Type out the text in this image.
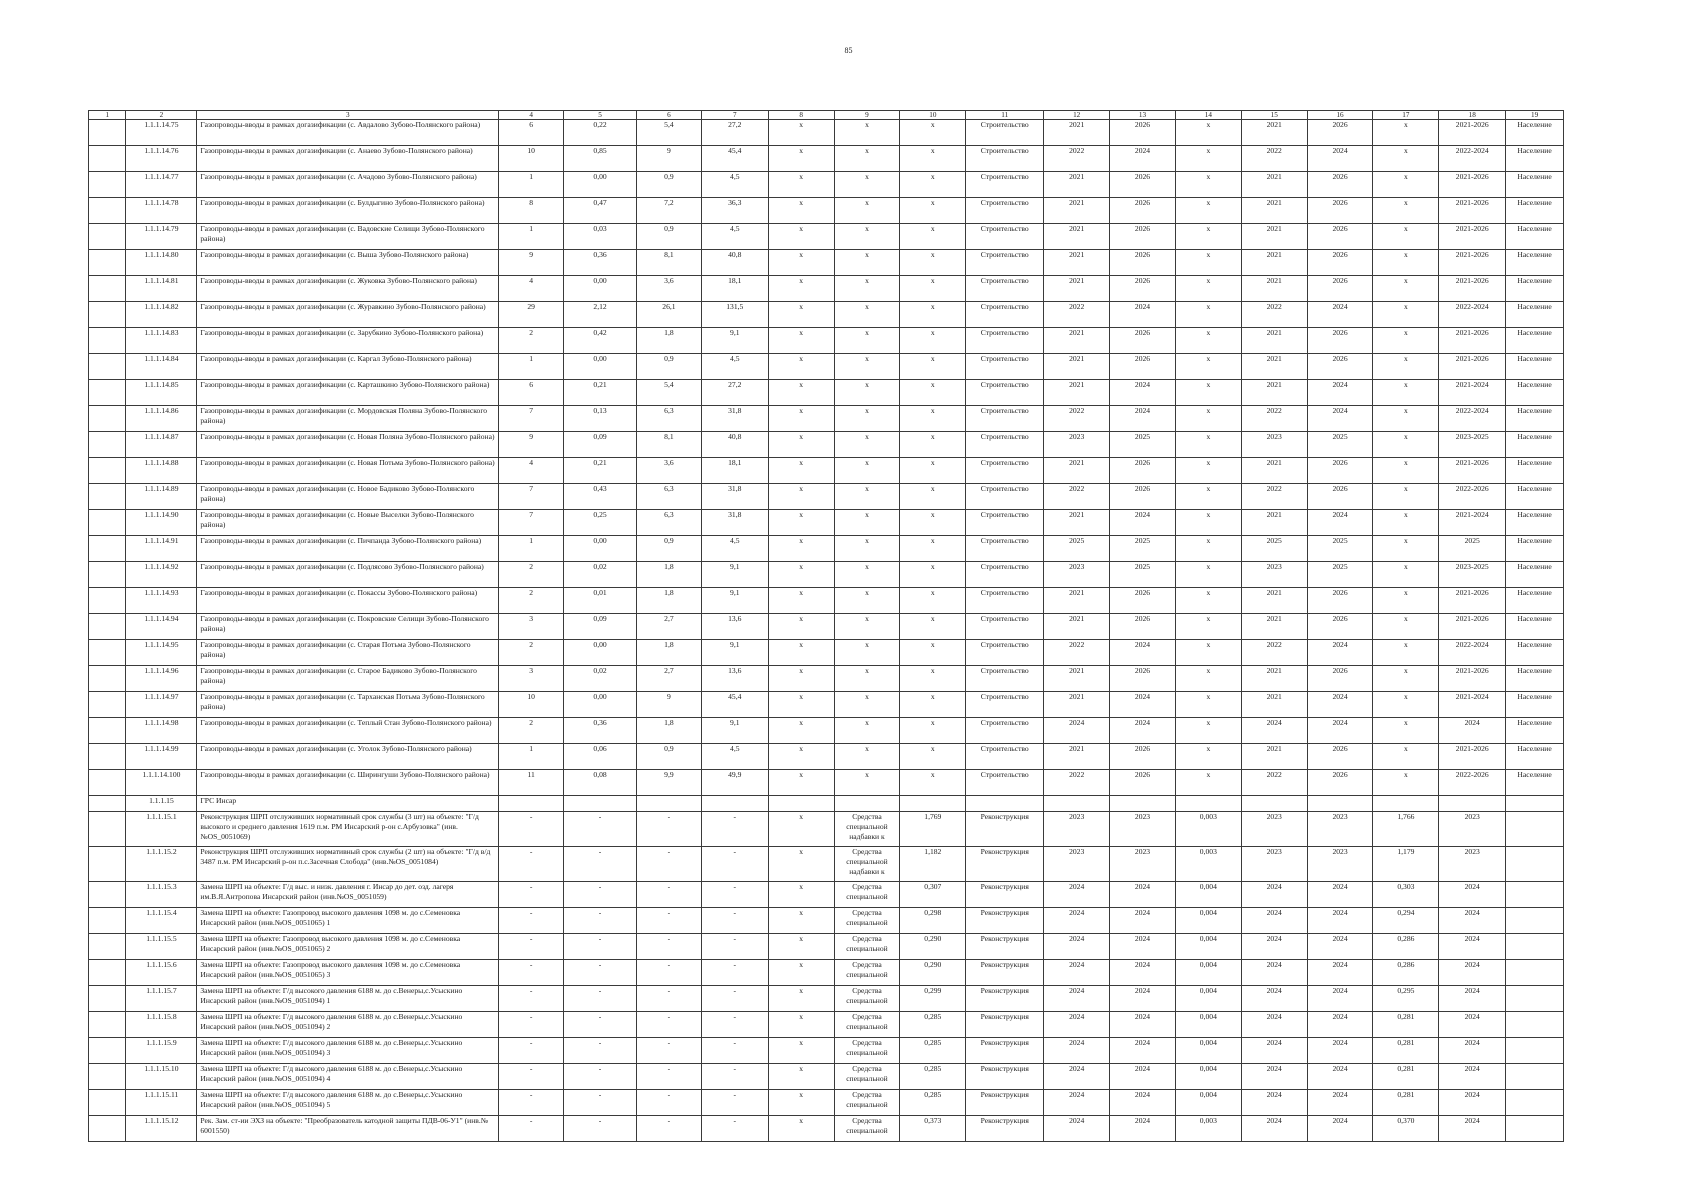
85
1	2	3	4	5	6	7	8	9	10	11	12	13	14	15	16	17	18	19
	1.1.1.14.75	Газопроводы-вводы в рамках догазификации (с. Авдалово Зубово-Полянского района)	6	0,22	5,4	27,2	х	х	х	Строительство	2021	2026	х	2021	2026	х	2021-2026	Население
	1.1.1.14.76	Газопроводы-вводы в рамках догазификации (с. Анаево Зубово-Полянского района)	10	0,85	9	45,4	х	х	х	Строительство	2022	2024	х	2022	2024	х	2022-2024	Население
	1.1.1.14.77	Газопроводы-вводы в рамках догазификации (с. Ачадово Зубово-Полянского района)	1	0,00	0,9	4,5	х	х	х	Строительство	2021	2026	х	2021	2026	х	2021-2026	Население
	1.1.1.14.78	Газопроводы-вводы в рамках догазификации (с. Булдыгино Зубово-Полянского района)	8	0,47	7,2	36,3	х	х	х	Строительство	2021	2026	х	2021	2026	х	2021-2026	Население
	1.1.1.14.79	Газопроводы-вводы в рамках догазификации (с. Вадовские Селищи Зубово-Полянского района)	1	0,03	0,9	4,5	х	х	х	Строительство	2021	2026	х	2021	2026	х	2021-2026	Население
	1.1.1.14.80	Газопроводы-вводы в рамках догазификации (с. Выша Зубово-Полянского района)	9	0,36	8,1	40,8	х	х	х	Строительство	2021	2026	х	2021	2026	х	2021-2026	Население
	1.1.1.14.81	Газопроводы-вводы в рамках догазификации (с. Жуковка Зубово-Полянского района)	4	0,00	3,6	18,1	х	х	х	Строительство	2021	2026	х	2021	2026	х	2021-2026	Население
	1.1.1.14.82	Газопроводы-вводы в рамках догазификации (с. Журавкино Зубово-Полянского района)	29	2,12	26,1	131,5	х	х	х	Строительство	2022	2024	х	2022	2024	х	2022-2024	Население
	1.1.1.14.83	Газопроводы-вводы в рамках догазификации (с. Зарубкино Зубово-Полянского района)	2	0,42	1,8	9,1	х	х	х	Строительство	2021	2026	х	2021	2026	х	2021-2026	Население
	1.1.1.14.84	Газопроводы-вводы в рамках догазификации (с. Каргал Зубово-Полянского района)	1	0,00	0,9	4,5	х	х	х	Строительство	2021	2026	х	2021	2026	х	2021-2026	Население
	1.1.1.14.85	Газопроводы-вводы в рамках догазификации (с. Карташкино Зубово-Полянского района)	6	0,21	5,4	27,2	х	х	х	Строительство	2021	2024	х	2021	2024	х	2021-2024	Население
	1.1.1.14.86	Газопроводы-вводы в рамках догазификации (с. Мордовская Поляна Зубово-Полянского района)	7	0,13	6,3	31,8	х	х	х	Строительство	2022	2024	х	2022	2024	х	2022-2024	Население
	1.1.1.14.87	Газопроводы-вводы в рамках догазификации (с. Новая Поляна Зубово-Полянского района)	9	0,09	8,1	40,8	х	х	х	Строительство	2023	2025	х	2023	2025	х	2023-2025	Население
	1.1.1.14.88	Газопроводы-вводы в рамках догазификации (с. Новая Потьма Зубово-Полянского района)	4	0,21	3,6	18,1	х	х	х	Строительство	2021	2026	х	2021	2026	х	2021-2026	Население
	1.1.1.14.89	Газопроводы-вводы в рамках догазификации (с. Новое Бадиково Зубово-Полянского района)	7	0,43	6,3	31,8	х	х	х	Строительство	2022	2026	х	2022	2026	х	2022-2026	Население
	1.1.1.14.90	Газопроводы-вводы в рамках догазификации (с. Новые Выселки Зубово-Полянского района)	7	0,25	6,3	31,8	х	х	х	Строительство	2021	2024	х	2021	2024	х	2021-2024	Население
	1.1.1.14.91	Газопроводы-вводы в рамках догазификации (с. Пичпанда Зубово-Полянского района)	1	0,00	0,9	4,5	х	х	х	Строительство	2025	2025	х	2025	2025	х	2025	Население
	1.1.1.14.92	Газопроводы-вводы в рамках догазификации (с. Подлясово Зубово-Полянского района)	2	0,02	1,8	9,1	х	х	х	Строительство	2023	2025	х	2023	2025	х	2023-2025	Население
	1.1.1.14.93	Газопроводы-вводы в рамках догазификации (с. Покассы Зубово-Полянского района)	2	0,01	1,8	9,1	х	х	х	Строительство	2021	2026	х	2021	2026	х	2021-2026	Население
	1.1.1.14.94	Газопроводы-вводы в рамках догазификации (с. Покровские Селищи Зубово-Полянского района)	3	0,09	2,7	13,6	х	х	х	Строительство	2021	2026	х	2021	2026	х	2021-2026	Население
	1.1.1.14.95	Газопроводы-вводы в рамках догазификации (с. Старая Потьма Зубово-Полянского района)	2	0,00	1,8	9,1	х	х	х	Строительство	2022	2024	х	2022	2024	х	2022-2024	Население
	1.1.1.14.96	Газопроводы-вводы в рамках догазификации (с. Старое Бадиково Зубово-Полянского района)	3	0,02	2,7	13,6	х	х	х	Строительство	2021	2026	х	2021	2026	х	2021-2026	Население
	1.1.1.14.97	Газопроводы-вводы в рамках догазификации (с. Тарханская Потьма Зубово-Полянского района)	10	0,00	9	45,4	х	х	х	Строительство	2021	2024	х	2021	2024	х	2021-2024	Население
	1.1.1.14.98	Газопроводы-вводы в рамках догазификации (с. Теплый Стан Зубово-Полянского района)	2	0,36	1,8	9,1	х	х	х	Строительство	2024	2024	х	2024	2024	х	2024	Население
	1.1.1.14.99	Газопроводы-вводы в рамках догазификации (с. Уголок Зубово-Полянского района)	1	0,06	0,9	4,5	х	х	х	Строительство	2021	2026	х	2021	2026	х	2021-2026	Население
	1.1.1.14.100	Газопроводы-вводы в рамках догазификации (с. Ширингуши Зубово-Полянского района)	11	0,08	9,9	49,9	х	х	х	Строительство	2022	2026	х	2022	2026	х	2022-2026	Население
	1.1.1.15	ГРС Инсар																
	1.1.1.15.1	Реконструкция ШРП отслуживших нормативный срок службы (3 шт) на объекте: "Г/д высокого и среднего давления 1619 п.м. РМ Инсарский р-он с.Арбузовка" (инв.№OS_0051069)	-	-	-	-	х	Средства специальной надбавки к	1,769	Реконструкция	2023	2023	0,003	2023	2023	1,766	2023	
	1.1.1.15.2	Реконструкция ШРП отслуживших нормативный срок службы (2 шт) на объекте: "Г/д в/д 3487 п.м. РМ Инсарский р-он п.с.Засечная Слобода" (инв.№OS_0051084)	-	-	-	-	х	Средства специальной надбавки к	1,182	Реконструкция	2023	2023	0,003	2023	2023	1,179	2023	
	1.1.1.15.3	Замена ШРП на объекте: Г/д выс. и низк. давления г. Инсар до дет. озд. лагеря им.В.Я.Антропова Инсарский район (инв.№OS_0051059)	-	-	-	-	х	Средства специальной	0,307	Реконструкция	2024	2024	0,004	2024	2024	0,303	2024	
	1.1.1.15.4	Замена ШРП на объекте: Газопровод высокого давления 1098 м. до с.Семеновка Инсарский район (инв.№OS_0051065) 1	-	-	-	-	х	Средства специальной	0,298	Реконструкция	2024	2024	0,004	2024	2024	0,294	2024	
	1.1.1.15.5	Замена ШРП на объекте: Газопровод высокого давления 1098 м. до с.Семеновка Инсарский район (инв.№OS_0051065) 2	-	-	-	-	х	Средства специальной	0,290	Реконструкция	2024	2024	0,004	2024	2024	0,286	2024	
	1.1.1.15.6	Замена ШРП на объекте: Газопровод высокого давления 1098 м. до с.Семеновка Инсарский район (инв.№OS_0051065) 3	-	-	-	-	х	Средства специальной	0,290	Реконструкция	2024	2024	0,004	2024	2024	0,286	2024	
	1.1.1.15.7	Замена ШРП на объекте: Г/д высокого давления 6188 м. до с.Венеры,с.Усыскино Инсарский район (инв.№OS_0051094) 1	-	-	-	-	х	Средства специальной	0,299	Реконструкция	2024	2024	0,004	2024	2024	0,295	2024	
	1.1.1.15.8	Замена ШРП на объекте: Г/д высокого давления 6188 м. до с.Венеры,с.Усыскино Инсарский район (инв.№OS_0051094) 2	-	-	-	-	х	Средства специальной	0,285	Реконструкция	2024	2024	0,004	2024	2024	0,281	2024	
	1.1.1.15.9	Замена ШРП на объекте: Г/д высокого давления 6188 м. до с.Венеры,с.Усыскино Инсарский район (инв.№OS_0051094) 3	-	-	-	-	х	Средства специальной	0,285	Реконструкция	2024	2024	0,004	2024	2024	0,281	2024	
	1.1.1.15.10	Замена ШРП на объекте: Г/д высокого давления 6188 м. до с.Венеры,с.Усыскино Инсарский район (инв.№OS_0051094) 4	-	-	-	-	х	Средства специальной	0,285	Реконструкция	2024	2024	0,004	2024	2024	0,281	2024	
	1.1.1.15.11	Замена ШРП на объекте: Г/д высокого давления 6188 м. до с.Венеры,с.Усыскино Инсарский район (инв.№OS_0051094) 5	-	-	-	-	х	Средства специальной	0,285	Реконструкция	2024	2024	0,004	2024	2024	0,281	2024	
	1.1.1.15.12	Рек. Зам. ст-ии ЭХЗ на объекте: "Преобразователь катодной защиты ПДВ-06-У1" (инв.№ 6001550)	-	-	-	-	х	Средства специальной	0,373	Реконструкция	2024	2024	0,003	2024	2024	0,370	2024	
